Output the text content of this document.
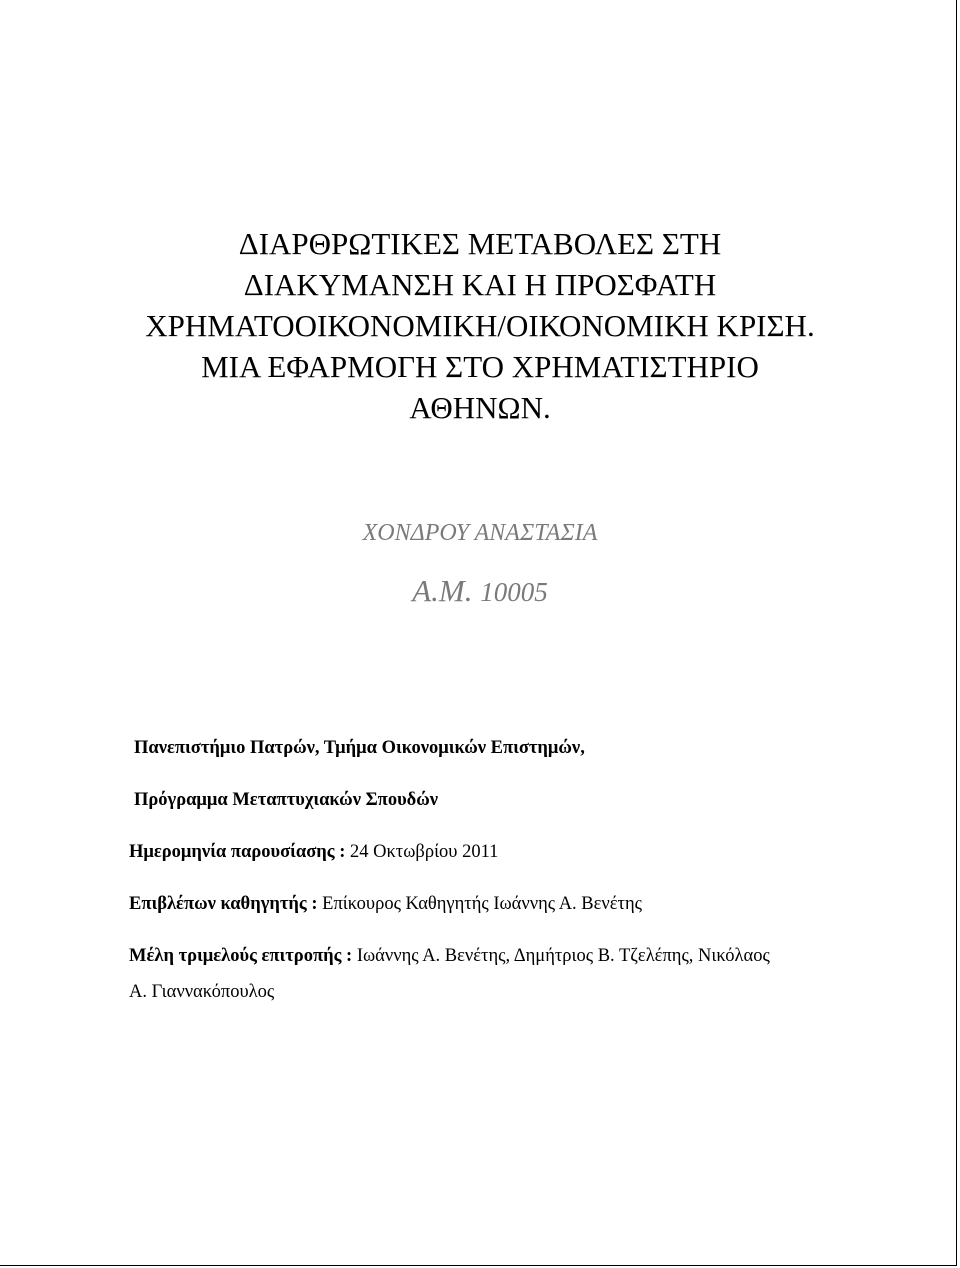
ΔΙΑΡΘΡΩΤΙΚΕΣ ΜΕΤΑΒΟΛΕΣ ΣΤΗ
ΔΙΑΚΥΜΑΝΣΗ ΚΑΙ Η ΠΡΟΣΦΑΤΗ
ΧΡΗΜΑΤΟΟΙΚΟΝΟΜΙΚΗ/ΟΙΚΟΝΟΜΙΚΗ ΚΡΙΣΗ.
ΜΙΑ ΕΦΑΡΜΟΓΗ ΣΤΟ ΧΡΗΜΑΤΙΣΤΗΡΙΟ
ΑΘΗΝΩΝ.
ΧΟΝΔΡΟΥ ΑΝΑΣΤΑΣΙΑ
Α.Μ. 10005
Πανεπιστήμιο Πατρών, Τμήμα Οικονομικών Επιστημών,
Πρόγραμμα Μεταπτυχιακών Σπουδών
Ημερομηνία παρουσίασης : 24 Οκτωβρίου 2011
Επιβλέπων καθηγητής : Επίκουρος Καθηγητής Ιωάννης Α. Βενέτης
Μέλη τριμελούς επιτροπής : Ιωάννης Α. Βενέτης, Δημήτριος Β. Τζελέπης, Νικόλαος
Α. Γιαννακόπουλος
